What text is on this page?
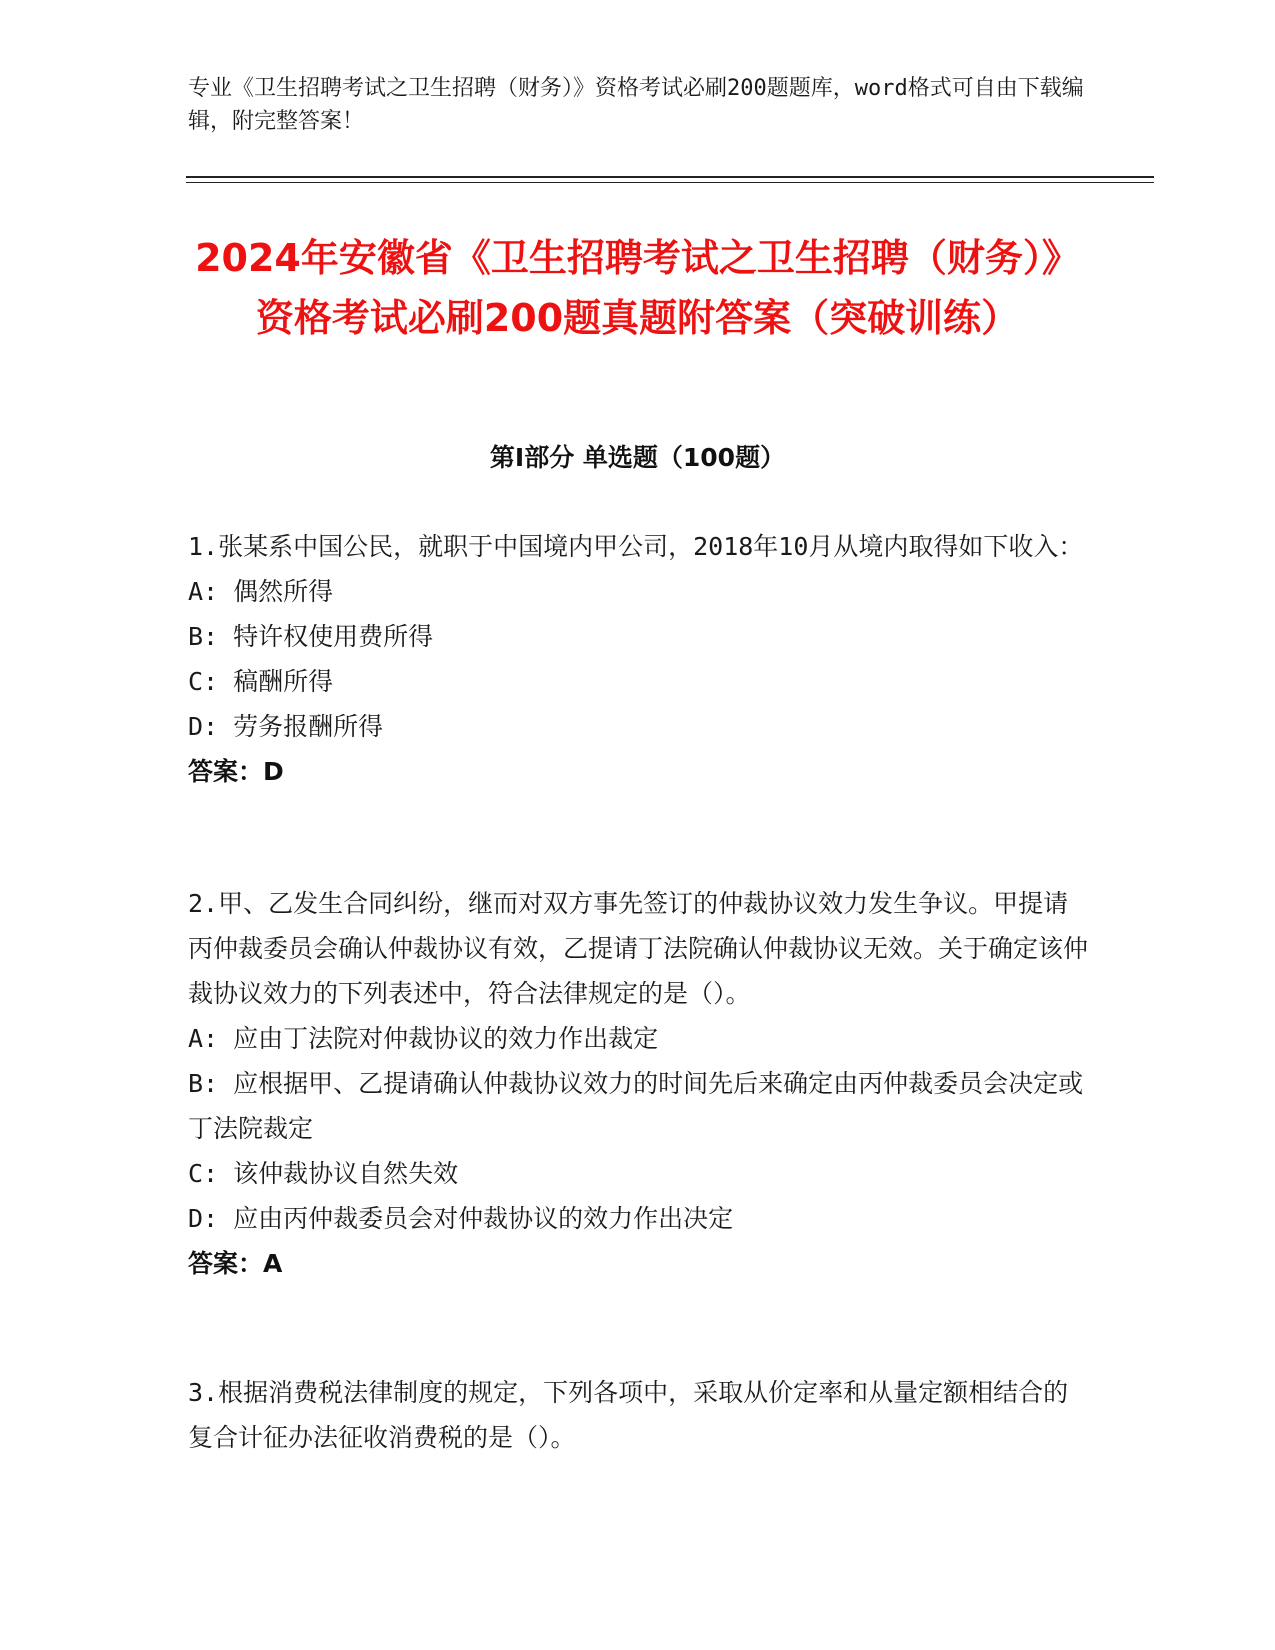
专业《卫生招聘考试之卫生招聘（财务）》资格考试必刷200题题库，word格式可自由下载编辑，附完整答案！
2024年安徽省《卫生招聘考试之卫生招聘（财务）》资格考试必刷200题真题附答案（突破训练）
第I部分 单选题（100题）
1.张某系中国公民，就职于中国境内甲公司，2018年10月从境内取得如下收入：
A: 偶然所得
B: 特许权使用费所得
C: 稿酬所得
D: 劳务报酬所得
答案：D
2.甲、乙发生合同纠纷，继而对双方事先签订的仲裁协议效力发生争议。甲提请丙仲裁委员会确认仲裁协议有效，乙提请丁法院确认仲裁协议无效。关于确定该仲裁协议效力的下列表述中，符合法律规定的是（）。
A: 应由丁法院对仲裁协议的效力作出裁定
B: 应根据甲、乙提请确认仲裁协议效力的时间先后来确定由丙仲裁委员会决定或丁法院裁定
C: 该仲裁协议自然失效
D: 应由丙仲裁委员会对仲裁协议的效力作出决定
答案：A
3.根据消费税法律制度的规定，下列各项中，采取从价定率和从量定额相结合的复合计征办法征收消费税的是（）。
